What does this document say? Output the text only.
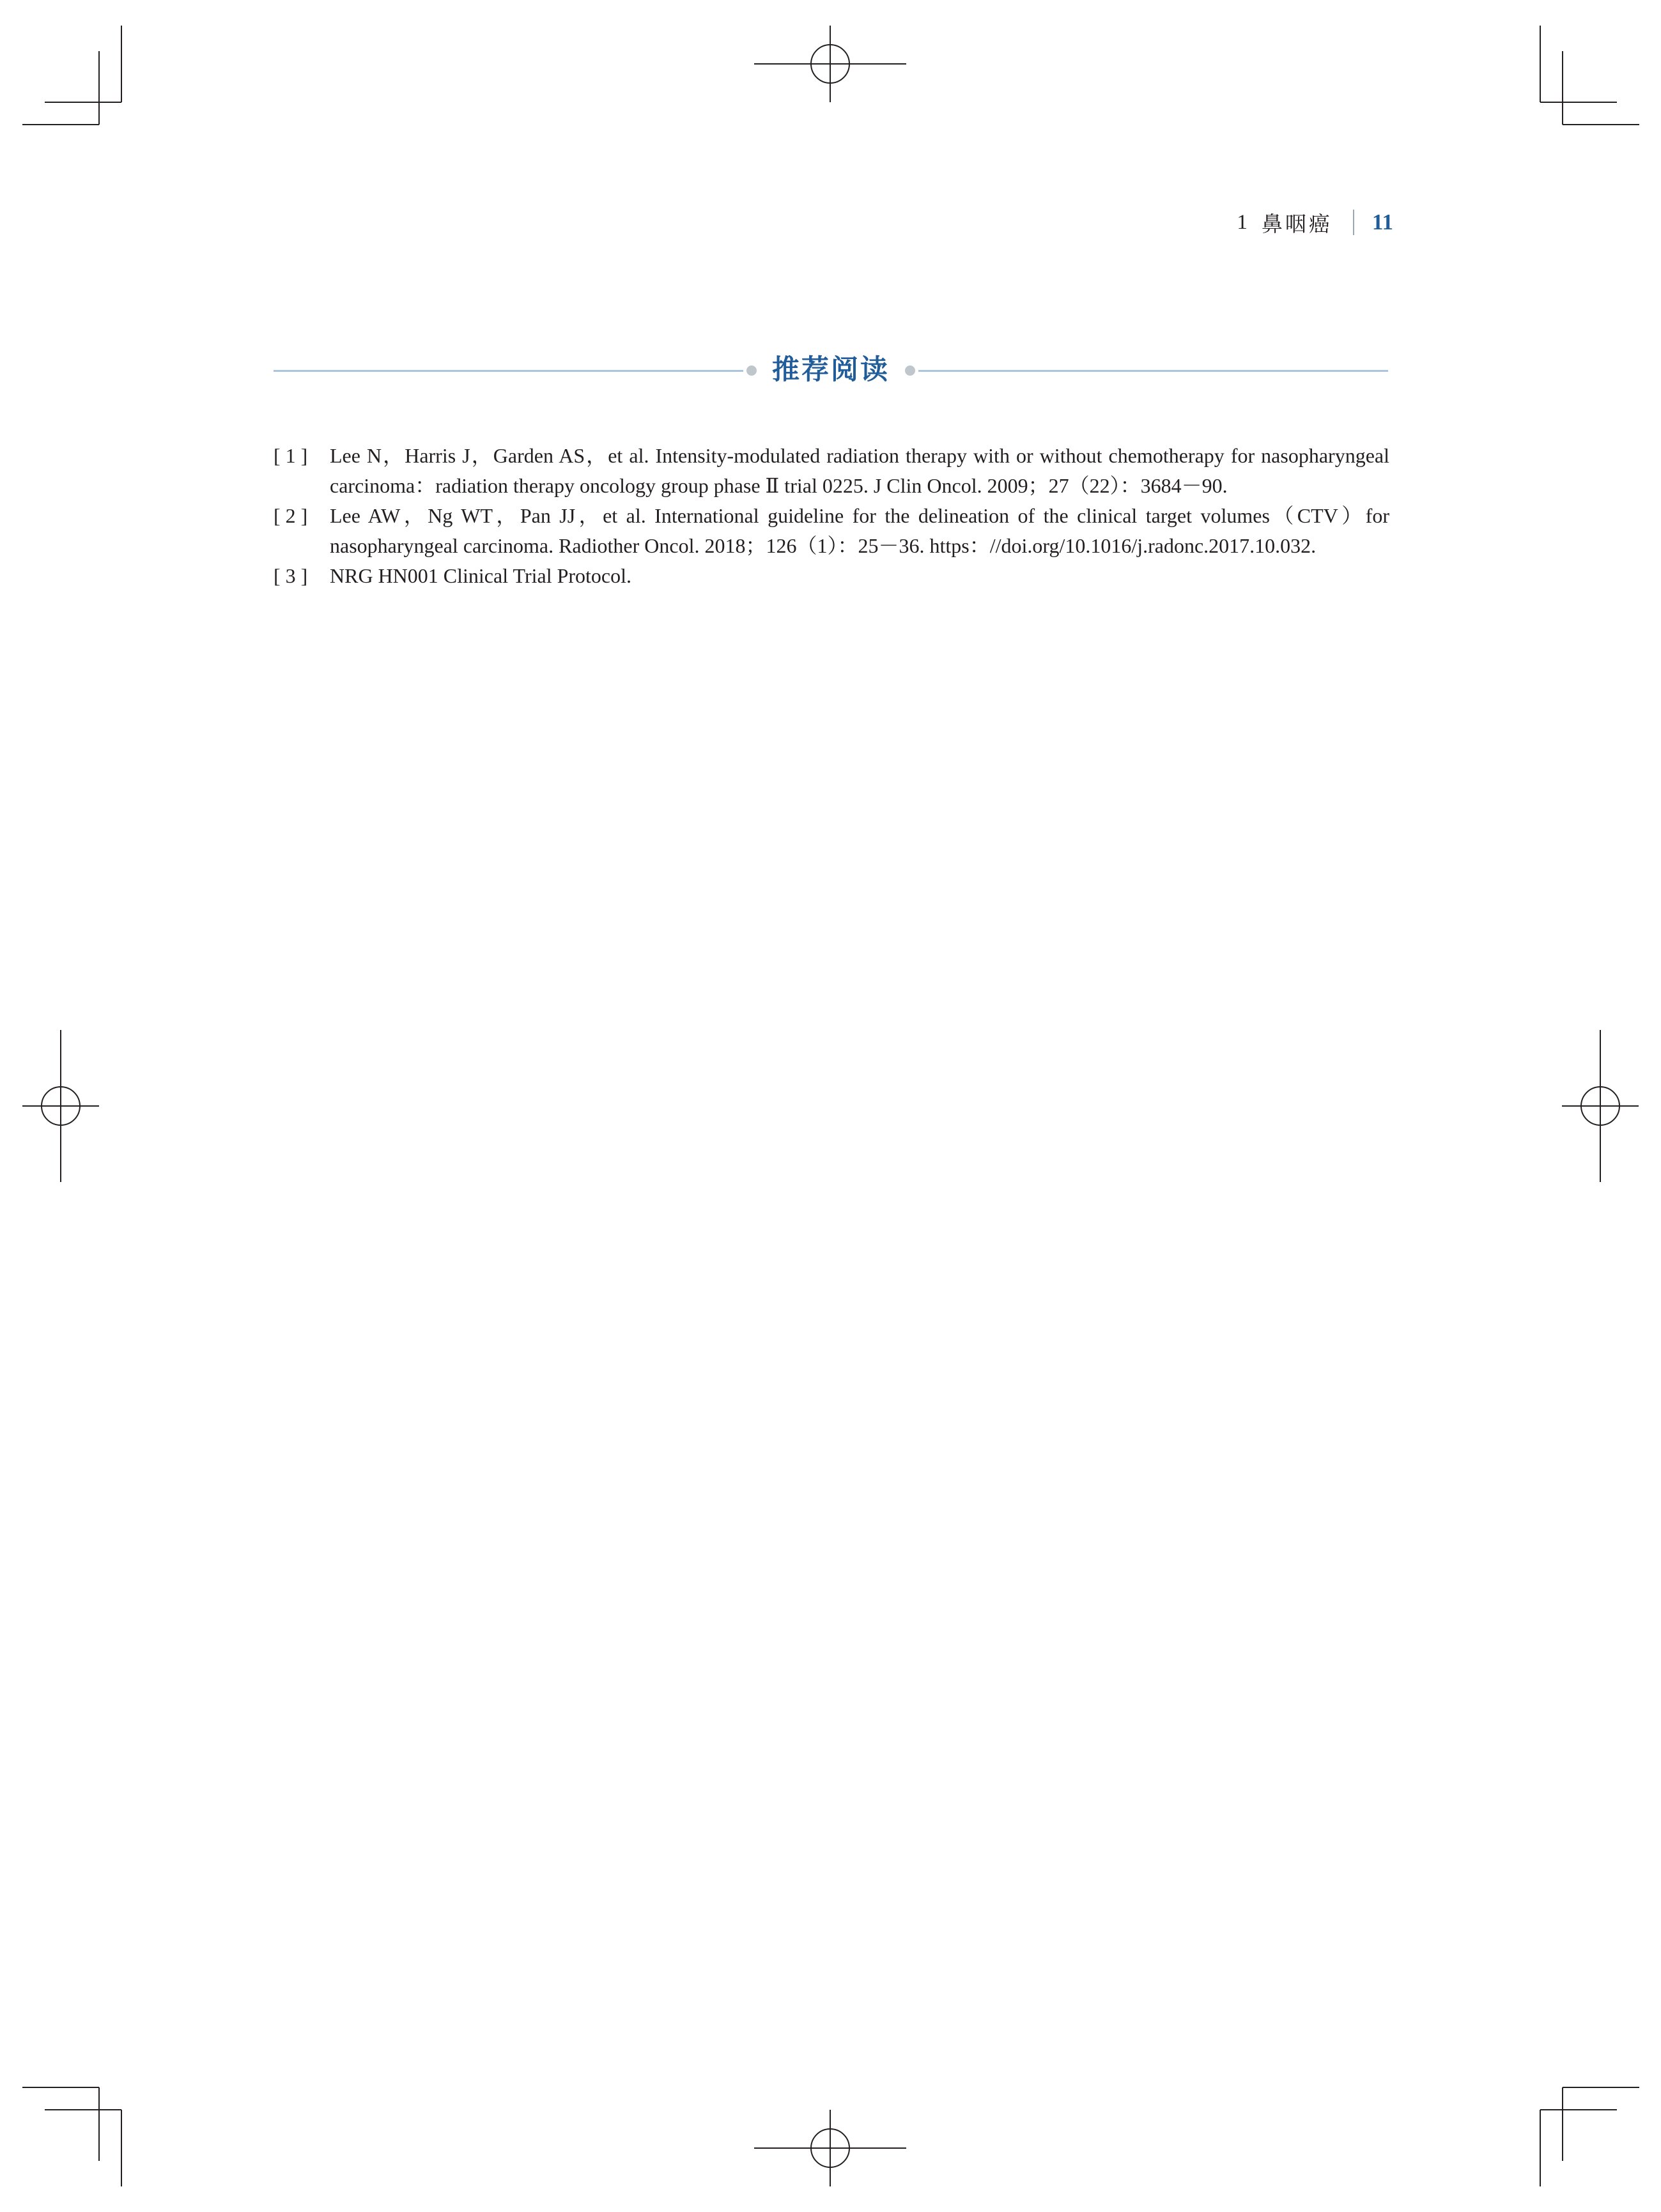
1 鼻咽癌 11
推荐阅读
[ 1 ]	Lee N，Harris J，Garden AS，et al. Intensity-modulated radiation therapy with or without chemotherapy for nasopharyngeal carcinoma：radiation therapy oncology group phase Ⅱ trial 0225. J Clin Oncol. 2009；27（22）：3684－90.
[ 2 ]	Lee AW，Ng WT，Pan JJ，et al. International guideline for the delineation of the clinical target volumes（CTV）for nasopharyngeal carcinoma. Radiother Oncol. 2018；126（1）：25－36. https：//doi.org/10.1016/j.radonc.2017.10.032.
[ 3 ]	NRG HN001 Clinical Trial Protocol.
